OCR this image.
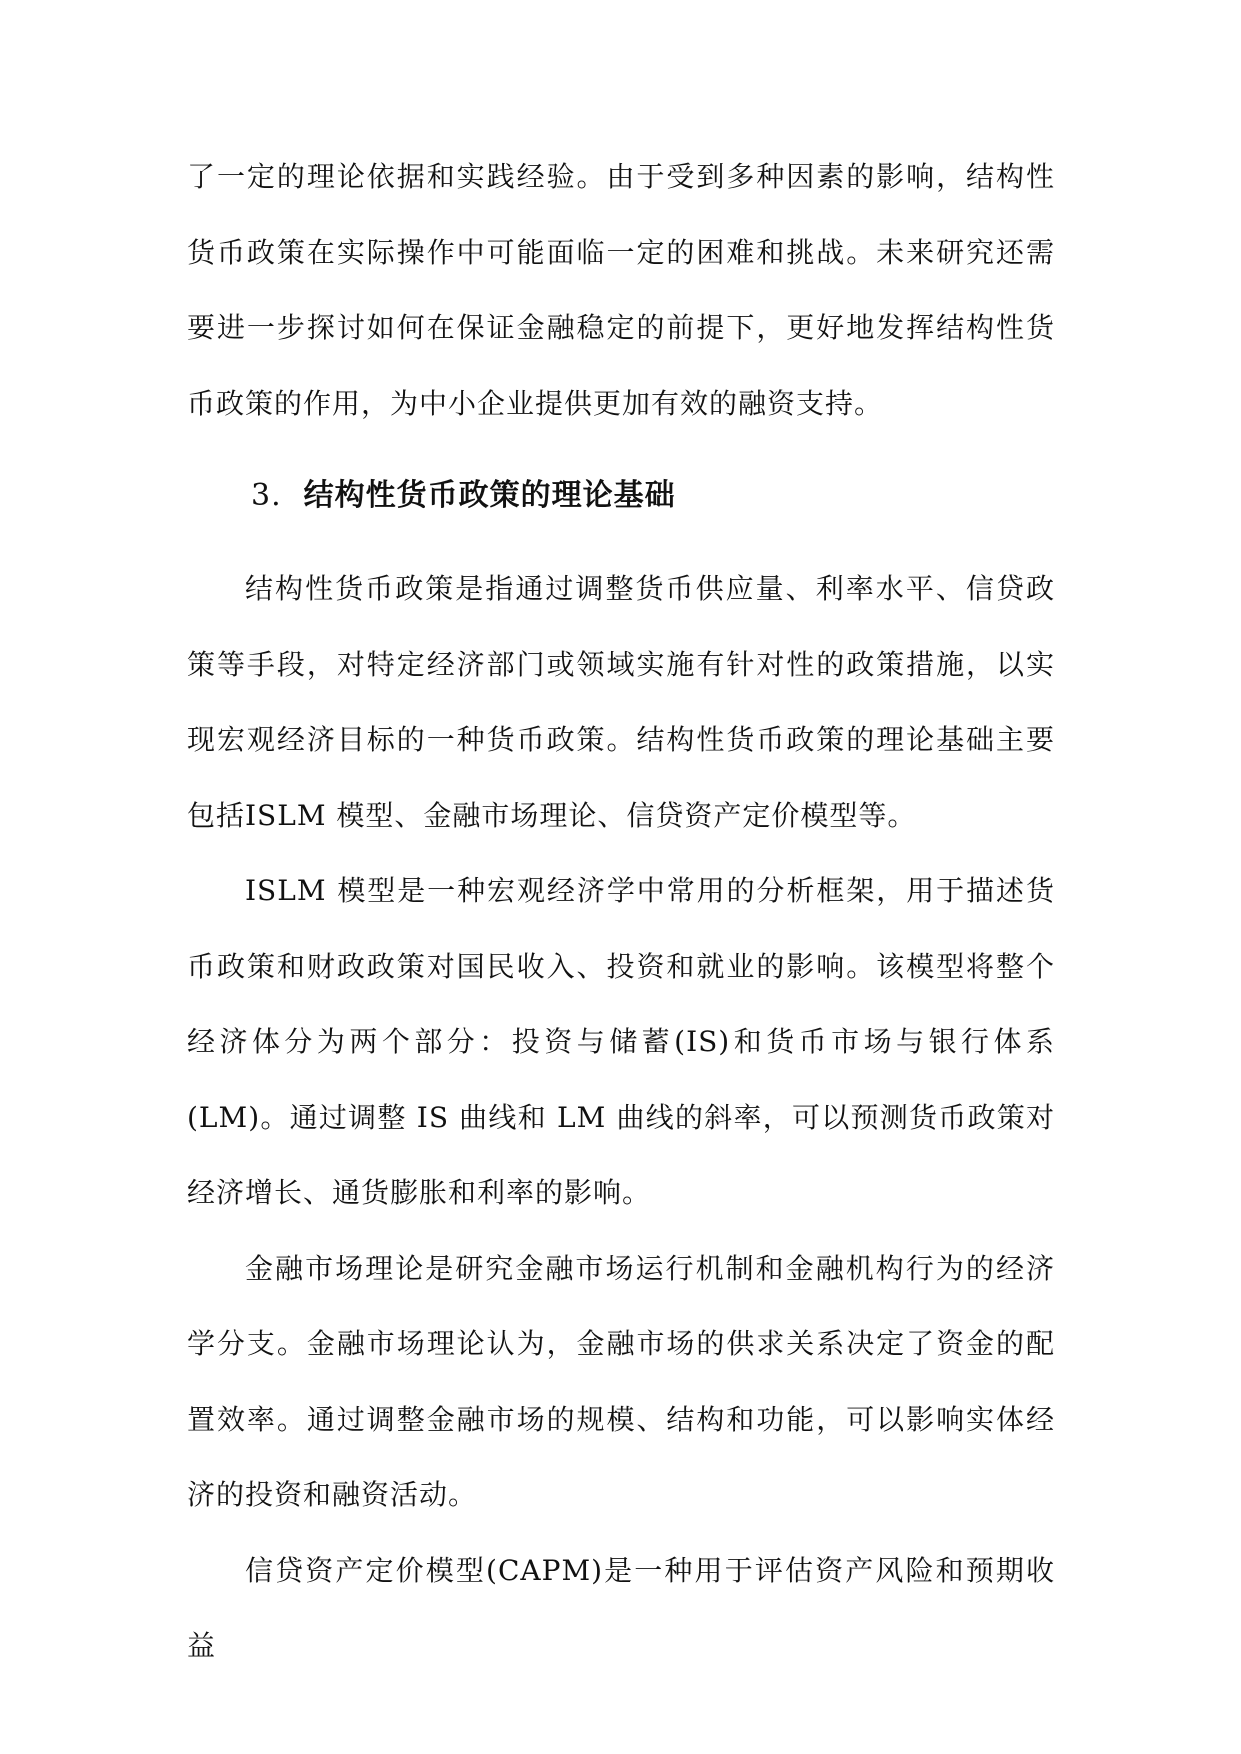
了一定的理论依据和实践经验。由于受到多种因素的影响，结构性货币政策在实际操作中可能面临一定的困难和挑战。未来研究还需要进一步探讨如何在保证金融稳定的前提下，更好地发挥结构性货币政策的作用，为中小企业提供更加有效的融资支持。

3. 结构性货币政策的理论基础

结构性货币政策是指通过调整货币供应量、利率水平、信贷政策等手段，对特定经济部门或领域实施有针对性的政策措施，以实现宏观经济目标的一种货币政策。结构性货币政策的理论基础主要包括ISLM 模型、金融市场理论、信贷资产定价模型等。

ISLM 模型是一种宏观经济学中常用的分析框架，用于描述货币政策和财政政策对国民收入、投资和就业的影响。该模型将整个经济体分为两个部分：投资与储蓄(IS)和货币市场与银行体系(LM)。通过调整 IS 曲线和 LM 曲线的斜率，可以预测货币政策对经济增长、通货膨胀和利率的影响。

金融市场理论是研究金融市场运行机制和金融机构行为的经济学分支。金融市场理论认为，金融市场的供求关系决定了资金的配置效率。通过调整金融市场的规模、结构和功能，可以影响实体经济的投资和融资活动。

信贷资产定价模型(CAPM)是一种用于评估资产风险和预期收益
